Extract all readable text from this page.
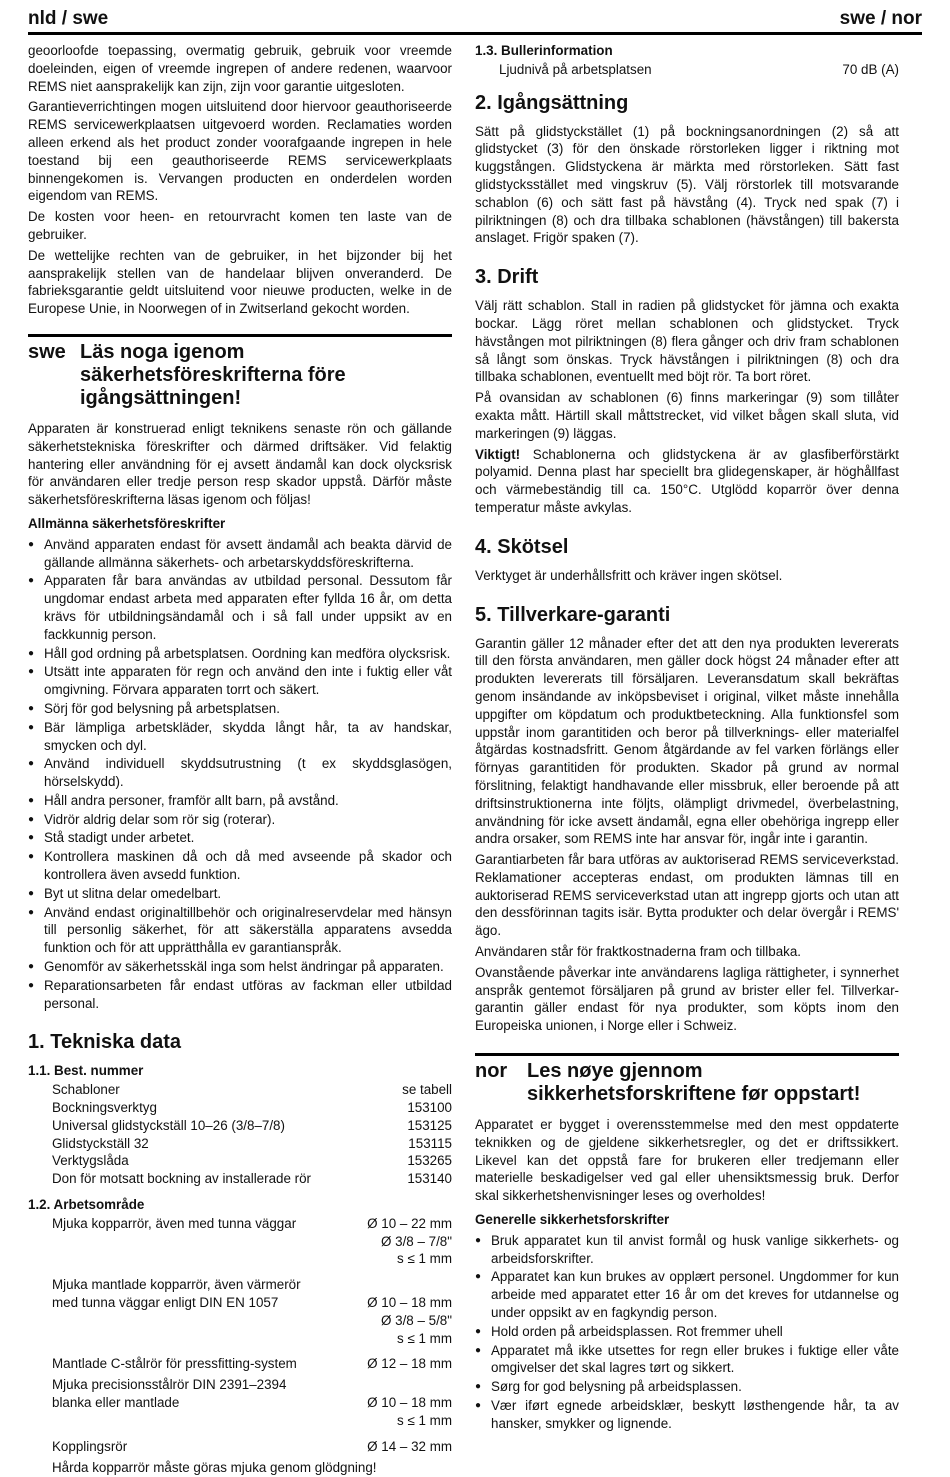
nld / swe	swe / nor

geoorloofde toepassing, overmatig gebruik, gebruik voor vreemde doeleinden, eigen of vreemde ingrepen of andere redenen, waarvoor REMS niet aansprakelijk kan zijn, zijn voor garantie uitgesloten.

Garantieverrichtingen mogen uitsluitend door hiervoor geauthoriseerde REMS servicewerkplaatsen uitgevoerd worden. Reclamaties worden alleen erkend als het product zonder voorafgaande ingrepen in hele toestand bij een geauthoriseerde REMS servicewerkplaats binnengekomen is. Vervangen producten en onderdelen worden eigendom van REMS.

De kosten voor heen- en retourvracht komen ten laste van de gebruiker.

De wettelijke rechten van de gebruiker, in het bijzonder bij het aansprakelijk stellen van de handelaar blijven onveranderd. De fabrieksgarantie geldt uitsluitend voor nieuwe producten, welke in de Europese Unie, in Noorwegen of in Zwitserland gekocht worden.

swe Läs noga igenom säkerhetsföreskrifterna före igångsättningen!

Apparaten är konstruerad enligt teknikens senaste rön och gällande säkerhetstekniska föreskrifter och därmed driftsäker. Vid felaktig hantering eller användning för ej avsett ändamål kan dock olycksrisk för användaren eller tredje person resp skador uppstå. Därför måste säkerhetsföreskrifterna läsas igenom och följas!

Allmänna säkerhetsföreskrifter
● Använd apparaten endast för avsett ändamål ach beakta därvid de gällande allmänna säkerhets- och arbetarskyddsföreskrifterna.
● Apparaten får bara användas av utbildad personal. Dessutom får ungdomar endast arbeta med apparaten efter fyllda 16 år, om detta krävs för utbildningsändamål och i så fall under uppsikt av en fackkunnig person.
● Håll god ordning på arbetsplatsen. Oordning kan medföra olycksrisk.
● Utsätt inte apparaten för regn och använd den inte i fuktig eller våt omgivning. Förvara apparaten torrt och säkert.
● Sörj för god belysning på arbetsplatsen.
● Bär lämpliga arbetskläder, skydda långt hår, ta av handskar, smycken och dyl.
● Använd individuell skyddsutrustning (t ex skyddsglasögen, hörselskydd).
● Håll andra personer, framför allt barn, på avstånd.
● Vidrör aldrig delar som rör sig (roterar).
● Stå stadigt under arbetet.
● Kontrollera maskinen då och då med avseende på skador och kontrollera även avsedd funktion.
● Byt ut slitna delar omedelbart.
● Använd endast originaltillbehör och originalreservdelar med hänsyn till personlig säkerhet, för att säkerställa apparatens avsedda funktion och för att upprätthålla ev garantianspråk.
● Genomför av säkerhetsskäl inga som helst ändringar på apparaten.
● Reparationsarbeten får endast utföras av fackman eller utbildad personal.
1. Tekniska data
1.1. Best. nummer
Schabloner	se tabell
Bockningsverktyg	153100
Universal glidstyckställ 10–26 (3/8–7/8)	153125
Glidstyckställ 32	153115
Verktygslåda	153265
Don för motsatt bockning av installerade rör	153140
1.2. Arbetsområde
Mjuka kopparrör, även med tunna väggar	Ø 10 – 22 mm
Ø 3/8 – 7/8"
s ≤ 1 mm
Mjuka mantlade kopparrör, även värmerör
med tunna väggar enligt DIN EN 1057	Ø 10 – 18 mm
Ø 3/8 – 5/8"
s ≤ 1 mm
Mantlade C-stålrör för pressfitting-system	Ø 12 – 18 mm
Mjuka precisionsstålrör DIN 2391–2394
blanka eller mantlade	Ø 10 – 18 mm
s ≤ 1 mm
Kopplingsrör	Ø 14 – 32 mm
Hårda kopparrör måste göras mjuka genom glödgning!
1.3. Bullerinformation
Ljudnivå på arbetsplatsen	70 dB (A)
2. Igångsättning

Sätt på glidstyckstället (1) på bockningsanordningen (2) så att glidstycket (3) för den önskade rörstorleken ligger i riktning mot kuggstången. Glidstyckena är märkta med rörstorleken. Sätt fast glidstycksstället med vingskruv (5). Välj rörstorlek till motsvarande schablon (6) och sätt fast på hävstång (4). Tryck ned spak (7) i pilriktningen (8) och dra tillbaka schablonen (hävstången) till bakersta anslaget. Frigör spaken (7).

3. Drift

Välj rätt schablon. Stall in radien på glidstycket för jämna och exakta bockar. Lägg röret mellan schablonen och glidstycket. Tryck hävstången mot pilriktningen (8) flera gånger och driv fram schablonen så långt som önskas. Tryck hävstången i pilriktningen (8) och dra tillbaka schablonen, eventuellt med böjt rör. Ta bort röret.

På ovansidan av schablonen (6) finns markeringar (9) som tillåter exakta mått. Härtill skall måttstrecket, vid vilket bågen skall sluta, vid markeringen (9) läggas.

Viktigt! Schablonerna och glidstyckena är av glasfiberförstärkt polyamid. Denna plast har speciellt bra glidegenskaper, är höghållfast och värmebeständig till ca. 150°C. Utglödd koparrör över denna temperatur måste avkylas.

4. Skötsel

Verktyget är underhållsfritt och kräver ingen skötsel.

5. Tillverkare-garanti

Garantin gäller 12 månader efter det att den nya produkten levererats till den första användaren, men gäller dock högst 24 månader efter att produkten levererats till försäljaren. Leveransdatum skall bekräftas genom insändande av inköpsbeviset i original, vilket måste innehålla uppgifter om köpdatum och produktbeteckning. Alla funktionsfel som uppstår inom garantitiden och beror på tillverknings- eller materialfel åtgärdas kostnadsfritt. Genom åtgärdande av fel varken förlängs eller förnyas garantitiden för produkten. Skador på grund av normal förslitning, felaktigt handhavande eller missbruk, eller beroende på att driftsinstruktionerna inte följts, olämpligt drivmedel, överbelastning, användning för icke avsett ändamål, egna eller obehöriga ingrepp eller andra orsaker, som REMS inte har ansvar för, ingår inte i garantin.

Garantiarbeten får bara utföras av auktoriserad REMS serviceverkstad. Reklamationer accepteras endast, om produkten lämnas till en auktoriserad REMS serviceverkstad utan att ingrepp gjorts och utan att den dessförinnan tagits isär. Bytta produkter och delar övergår i REMS' ägo.

Användaren står för fraktkostnaderna fram och tillbaka.

Ovanstående påverkar inte användarens lagliga rättigheter, i synnerhet anspråk gentemot försäljaren på grund av brister eller fel. Tillverkar-garantin gäller endast för nya produkter, som köpts inom den Europeiska unionen, i Norge eller i Schweiz.

nor Les nøye gjennom sikkerhetsforskriftene før oppstart!

Apparatet er bygget i overensstemmelse med den mest oppdaterte teknikken og de gjeldene sikkerhetsregler, og det er driftssikkert. Likevel kan det oppstå fare for brukeren eller tredjemann eller materielle beskadigelser ved gal eller uhensiktsmessig bruk. Derfor skal sikkerhetshenvisninger leses og overholdes!

Generelle sikkerhetsforskrifter
● Bruk apparatet kun til anvist formål og husk vanlige sikkerhets- og arbeidsforskrifter.
● Apparatet kan kun brukes av opplært personel. Ungdommer for kun arbeide med apparatet etter 16 år om det kreves for utdannelse og under oppsikt av en fagkyndig person.
● Hold orden på arbeidsplassen. Rot fremmer uhell
● Apparatet må ikke utsettes for regn eller brukes i fuktige eller våte omgivelser det skal lagres tørt og sikkert.
● Sørg for god belysning på arbeidsplassen.
● Vær iført egnede arbeidsklær, beskytt løsthengende hår, ta av hansker, smykker og lignende.
